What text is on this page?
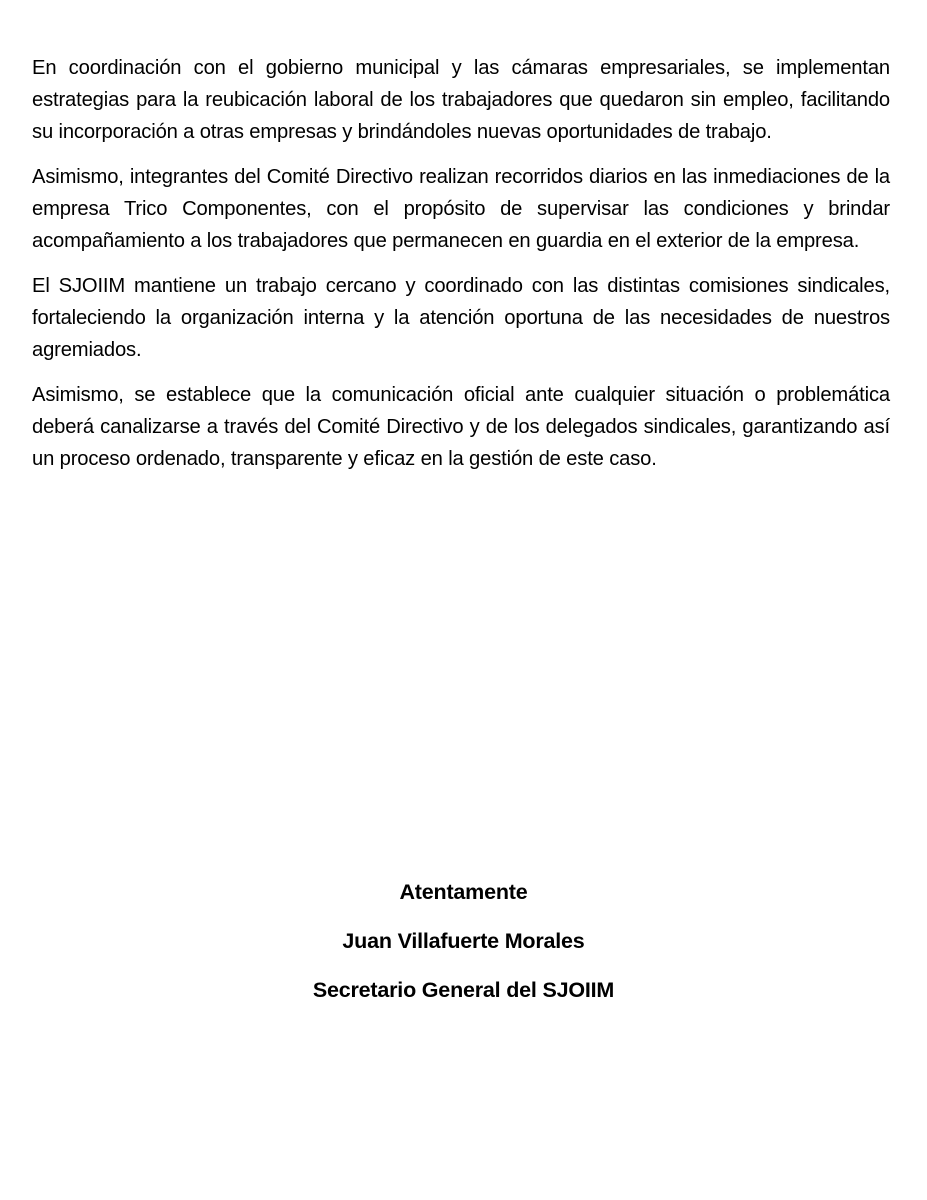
En coordinación con el gobierno municipal y las cámaras empresariales, se implementan estrategias para la reubicación laboral de los trabajadores que quedaron sin empleo, facilitando su incorporación a otras empresas y brindándoles nuevas oportunidades de trabajo.

Asimismo, integrantes del Comité Directivo realizan recorridos diarios en las inmediaciones de la empresa Trico Componentes, con el propósito de supervisar las condiciones y brindar acompañamiento a los trabajadores que permanecen en guardia en el exterior de la empresa.

El SJOIIM mantiene un trabajo cercano y coordinado con las distintas comisiones sindicales, fortaleciendo la organización interna y la atención oportuna de las necesidades de nuestros agremiados.

Asimismo, se establece que la comunicación oficial ante cualquier situación o problemática deberá canalizarse a través del Comité Directivo y de los delegados sindicales, garantizando así un proceso ordenado, transparente y eficaz en la gestión de este caso.

Atentamente

Juan Villafuerte Morales

Secretario General del SJOIIM
